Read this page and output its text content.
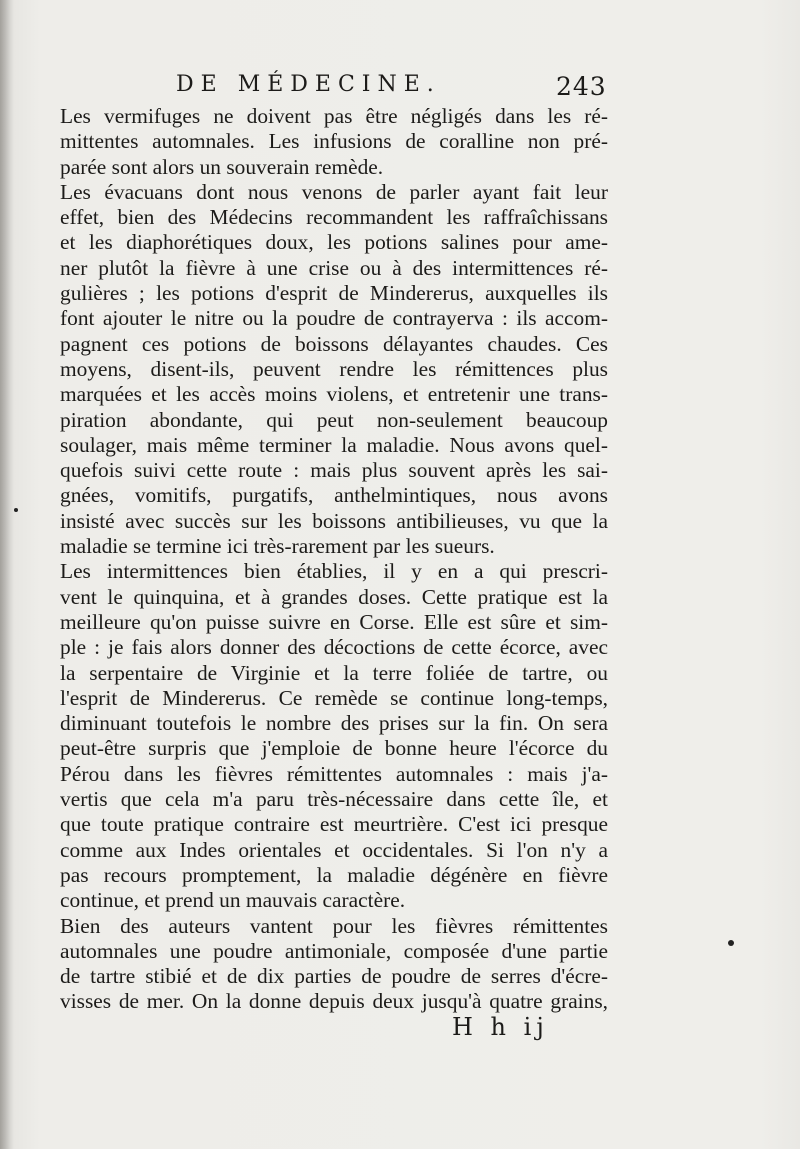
DE MÉDECINE.	243
Les vermifuges ne doivent pas être négligés dans les ré-
mittentes automnales. Les infusions de coralline non pré-
parée sont alors un souverain remède.
Les évacuans dont nous venons de parler ayant fait leur
effet, bien des Médecins recommandent les raffraîchissans
et les diaphorétiques doux, les potions salines pour ame-
ner plutôt la fièvre à une crise ou à des intermittences ré-
gulières ; les potions d'esprit de Mindererus, auxquelles ils
font ajouter le nitre ou la poudre de contrayerva : ils accom-
pagnent ces potions de boissons délayantes chaudes. Ces
moyens, disent-ils, peuvent rendre les rémittences plus
marquées et les accès moins violens, et entretenir une trans-
piration abondante, qui peut non-seulement beaucoup
soulager, mais même terminer la maladie. Nous avons quel-
quefois suivi cette route : mais plus souvent après les sai-
gnées, vomitifs, purgatifs, anthelmintiques, nous avons
insisté avec succès sur les boissons antibilieuses, vu que la
maladie se termine ici très-rarement par les sueurs.
Les intermittences bien établies, il y en a qui prescri-
vent le quinquina, et à grandes doses. Cette pratique est la
meilleure qu'on puisse suivre en Corse. Elle est sûre et sim-
ple : je fais alors donner des décoctions de cette écorce, avec
la serpentaire de Virginie et la terre foliée de tartre, ou
l'esprit de Mindererus. Ce remède se continue long-temps,
diminuant toutefois le nombre des prises sur la fin. On sera
peut-être surpris que j'emploie de bonne heure l'écorce du
Pérou dans les fièvres rémittentes automnales : mais j'a-
vertis que cela m'a paru très-nécessaire dans cette île, et
que toute pratique contraire est meurtrière. C'est ici presque
comme aux Indes orientales et occidentales. Si l'on n'y a
pas recours promptement, la maladie dégénère en fièvre
continue, et prend un mauvais caractère.
Bien des auteurs vantent pour les fièvres rémittentes
automnales une poudre antimoniale, composée d'une partie
de tartre stibié et de dix parties de poudre de serres d'écre-
visses de mer. On la donne depuis deux jusqu'à quatre grains,
H h ij
